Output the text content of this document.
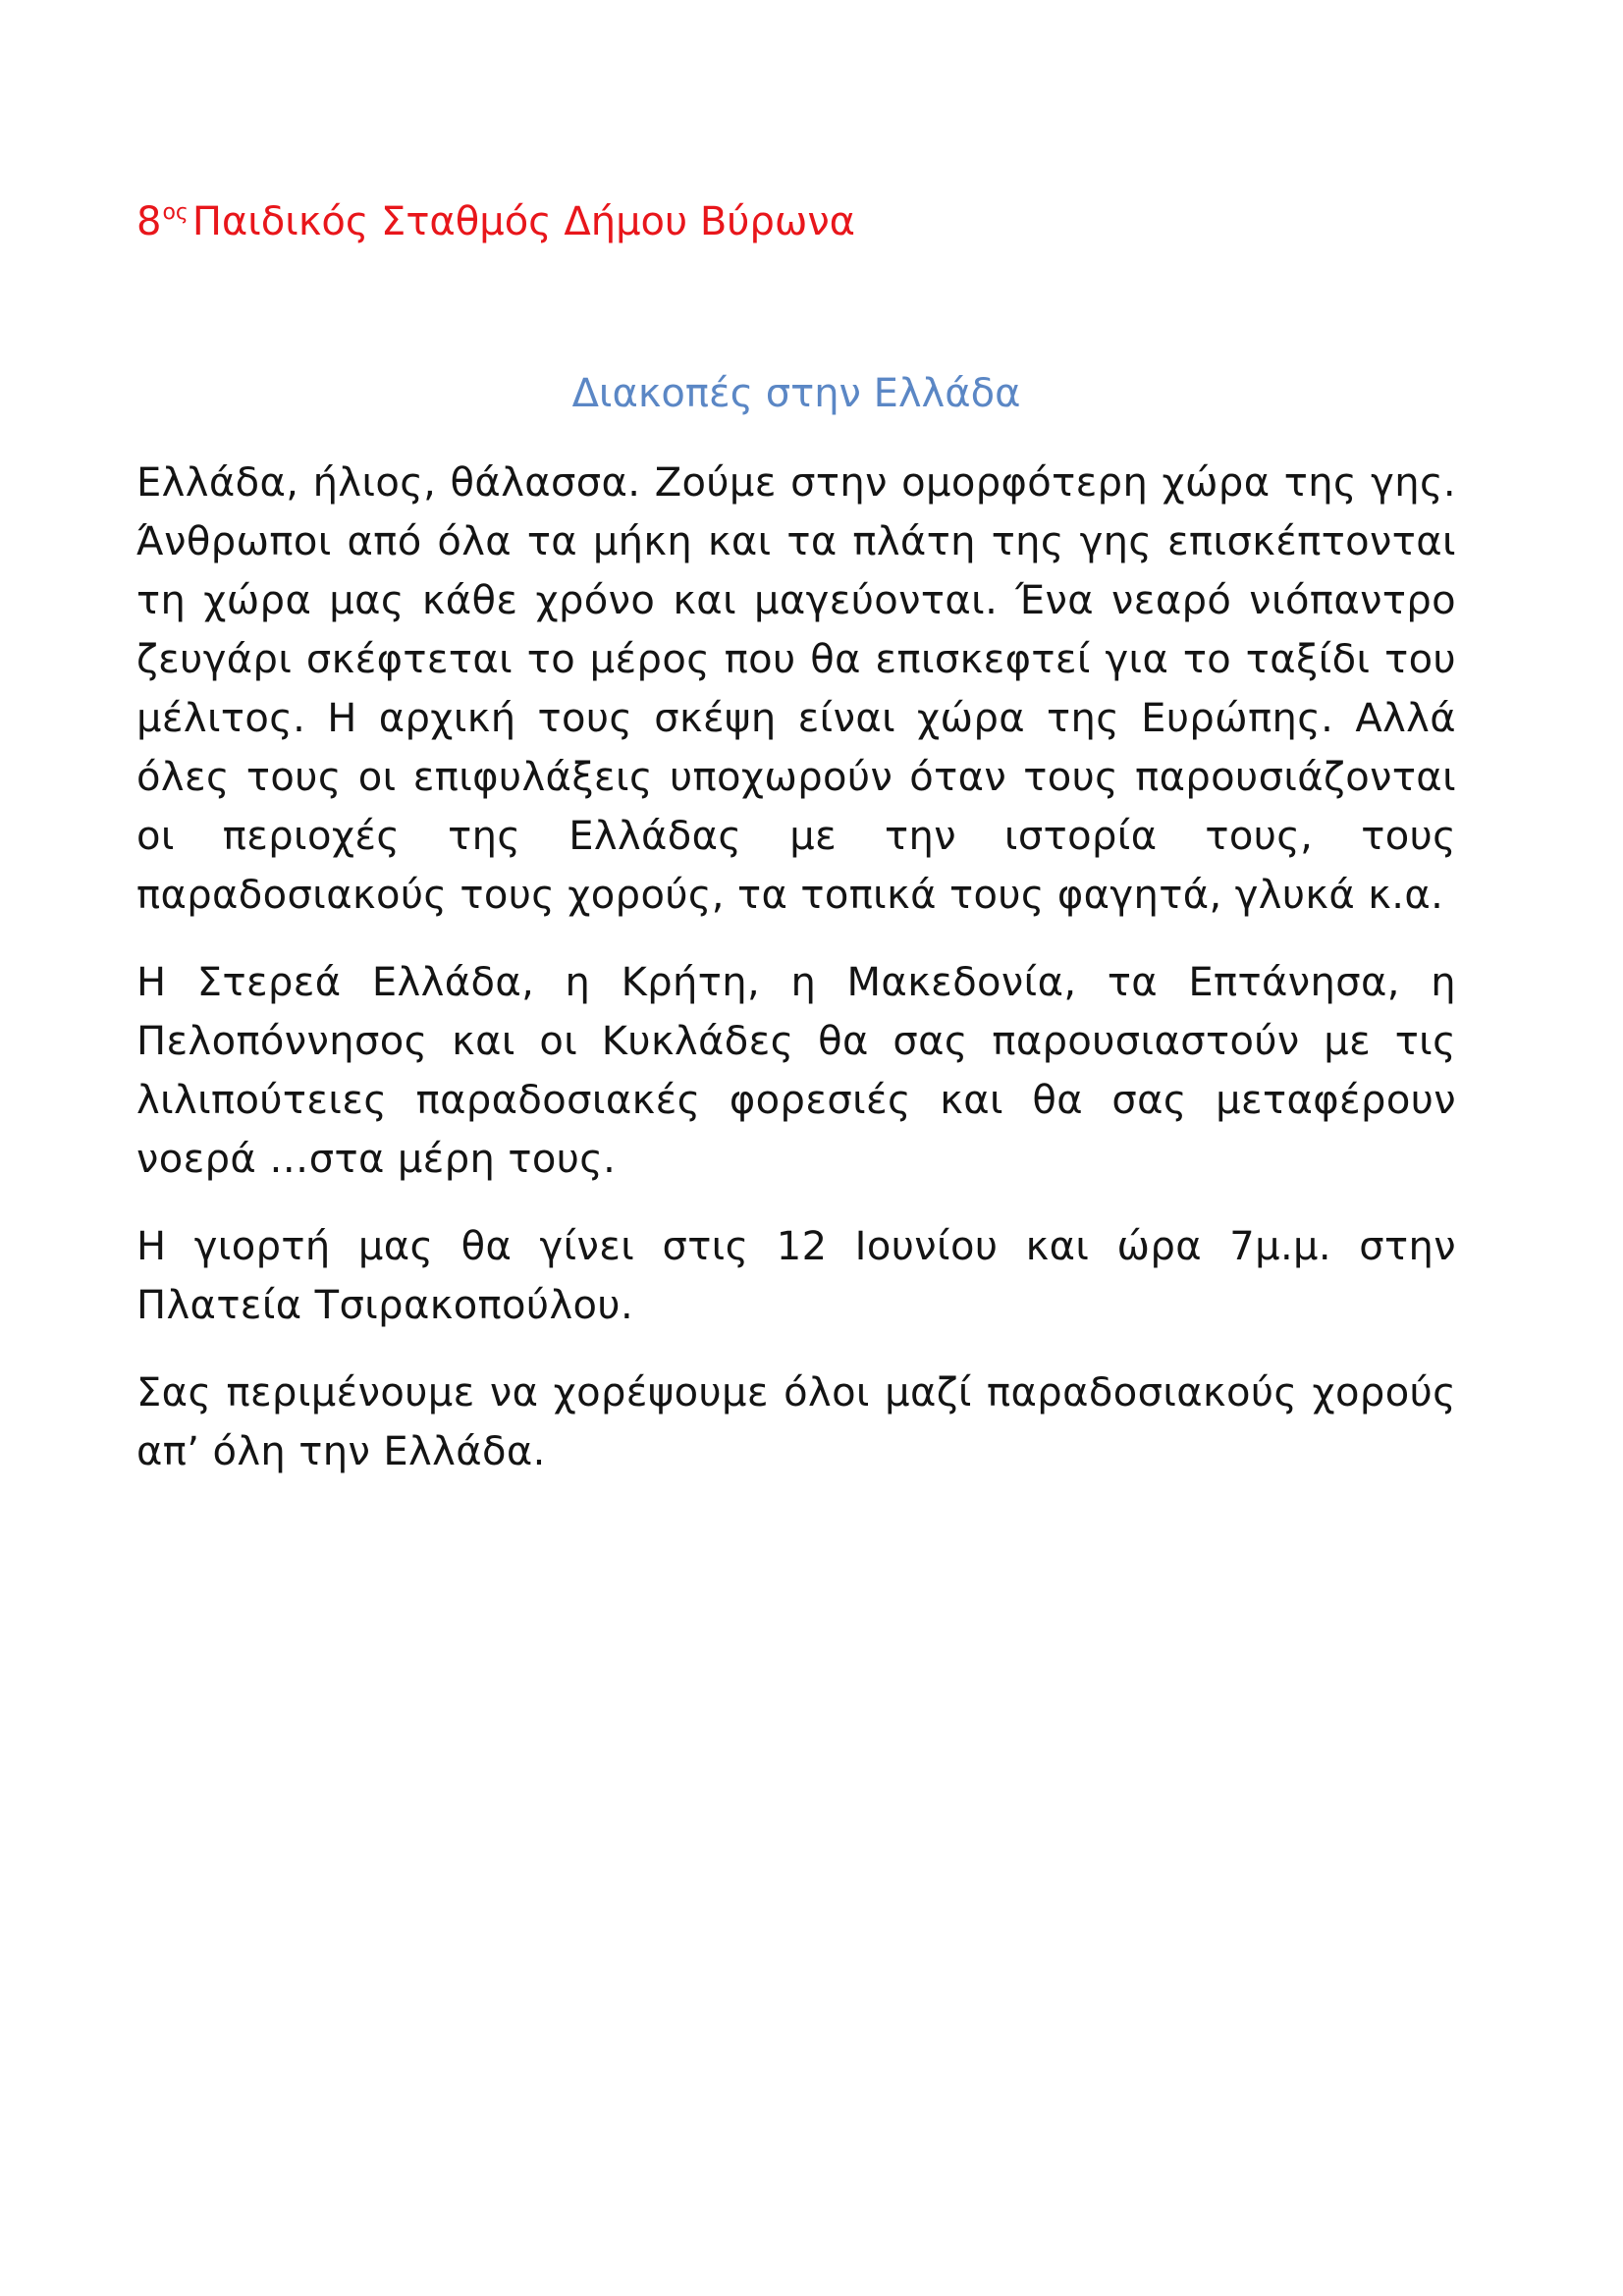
$8^{o\varsigma}$ Παιδικός Σταθμός Δήμου Βύρωνα
Διακοπές στην Ελλάδα

Ελλάδα, ήλιος, θάλασσα. Ζούμε στην ομορφότερη χώρα της γης. Άνθρωποι από όλα τα μήκη και τα πλάτη της γης επισκέπτονται τη χώρα μας κάθε χρόνο και μαγεύονται. Ένα νεαρό νιόπαντρο ζευγάρι σκέφτεται το μέρος που θα επισκεφτεί για το ταξίδι του μέλιτος. Η αρχική τους σκέψη είναι χώρα της Ευρώπης. Αλλά όλες τους οι επιφυλάξεις υποχωρούν όταν τους παρουσιάζονται οι περιοχές της Ελλάδας με την ιστορία τους, τους παραδοσιακούς τους χορούς, τα τοπικά τους φαγητά, γλυκά κ.α.

Η Στερεά Ελλάδα, η Κρήτη, η Μακεδονία, τα Επτάνησα, η Πελοπόννησος και οι Κυκλάδες θα σας παρουσιαστούν με τις λιλιπούτειες παραδοσιακές φορεσιές και θα σας μεταφέρουν νοερά …στα μέρη τους.

Η γιορτή μας θα γίνει στις 12 Ιουνίου και ώρα 7μ.μ. στην Πλατεία Τσιρακοπούλου.

Σας περιμένουμε να χορέψουμε όλοι μαζί παραδοσιακούς χορούς απ’ όλη την Ελλάδα.
